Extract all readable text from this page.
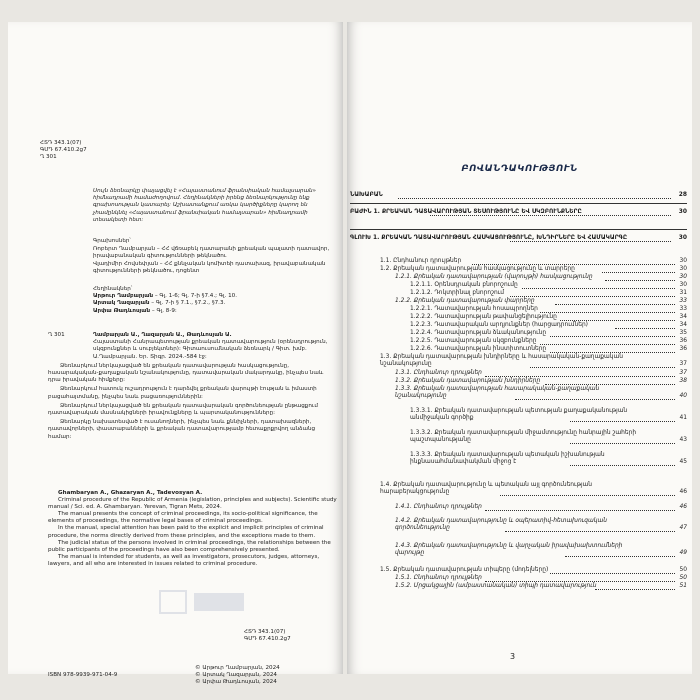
ՀՏԴ 343.1(07)
ԳՄԴ 67.410.2ց7
Ղ 301
Սույն ձեռնարկը փայացվել է «Հայաստանում ֆրանսիական համալսարան» հիմնադրամի համաժողովում. Հեղինակների իրենց ձեռնարկությունը ենք գրախոսության կատարել: Աշխատանքում առկա կարծիքները կարող են չհամընկնել «Հայաստանում ֆրանսիական համալսարան» հիմնադրամի տեսակետի հետ:
Գրախոսներ՝
Ռոբերտ Ղամբարյան – ՀՀ վճռաբեկ դատարանի քրեական պալատի դատավոր, իրավաբանական գիտությունների թեկնածու
Վլադիմիր Հովսեփյան – ՀՀ քննչական կոմիտեի դատախազ, իրավաբանական գիտությունների թեկնածու, դոցենտ
Հեղինակներ՝
Արթուր Ղամբարյան – Գլ. 1-6; Գլ. 7-ի §7.4.; Գլ. 10.
Արտակ Ղազարյան – Գլ. 7-ի § 7.1., §7.2., §7.3.
Արփա Թադևոսյան – Գլ. 8-9:
Ղ 301	Ղամբարյան Ա., Ղազարյան Ա., Թադևոսյան Ա.
Հայաստանի Հանրապետության քրեական դատավարություն (օրենսդրություն, սկզբունքներ և սուբյեկտներ): Գիտաուսումնական ձեռնարկ / Գիտ. խմբ. Ա.Ղամբարյան. Եր. Տիգր. 2024.-584 էջ:
Ձեռնարկում ներկայացված են քրեական դատավարության հասկացությունը, հասարակական-քաղաքական նշանակությունը, դատավարական մակարդակը, ինչպես նաև դրա իրավական հիմքերը:
Ձեռնարկում հատուկ ուշադրություն է դարձվել քրեական վարույթի էության և իմաստի բացահայտմանը, ինչպես նաև բացառություններին:
Ձեռնարկում ներկայացված են քրեական դատավարական գործունեության ընթացքում դատավարական մասնակիցների իրավունքները և պարտականությունները:
Ձեռնարկը նախատեսված է ուսանողների, ինչպես նաև քննիչների, դատախազների, դատավորների, փաստաբանների և քրեական դատավարությամբ հետաքրքրվող անձանց համար:
Ghambaryan A., Ghazaryan A., Tadevosyan A.
Criminal procedure of the Republic of Armenia (legislation, principles and subjects). Scientific study manual / Sci. ed. A. Ghambaryan. Yerevan, Tigran Mets, 2024.
The manual presents the concept of criminal proceedings, its socio-political significance, the elements of proceedings, the normative legal bases of criminal proceedings.
In the manual, special attention has been paid to the explicit and implicit principles of criminal procedure, the norms directly derived from these principles, and the exceptions made to them.
The judicial status of the persons involved in criminal proceedings, the relationships between the public participants of the proceedings have also been comprehensively presented.
The manual is intended for students, as well as investigators, prosecutors, judges, attorneys, lawyers, and all who are interested in issues related to criminal procedure.
ՀՏԴ 343.1(07)
ԳՄԴ 67.410.2ց7
ISBN 978-9939-971-04-9
© Արթուր Ղամբարյան, 2024
© Արտակ Ղազարյան, 2024
© Արփա Թադևոսյան, 2024
ԲՈՎԱՆԴԱԿՈՒԹՅՈՒՆ
ՆԱԽԱԲԱՆ	28
ԲԱԺԻՆ 1. ՔՐԵԱԿԱՆ ԴԱՏԱՎԱՐՈՒԹՅԱՆ ՏԵՍՈՒԹՅՈՒՆԸ ԵՎ ՍԿԶԲՈՒՆՔՆԵՐԸ	30
ԳԼՈՒԽ 1. ՔՐԵԱԿԱՆ ԴԱՏԱՎԱՐՈՒԹՅԱՆ ՀԱՍԿԱՑՈՒԹՅՈՒՆԸ, ԽՆԴԻՐՆԵՐԸ ԵՎ ՀԱՄԱԿԱՐԳԸ	30
1.1. Ընդհանուր դրույթներ	30
1.2. Քրեական դատավարության հասկացությունը և տարրերը	30
1.2.1. Քրեական դատավարության (վարույթի) հասկացությունը	30
1.2.1.1. Օրենսդրական բնորոշումը	30
1.2.1.2. Դոկտրինալ բնորոշում	31
1.2.2. Քրեական դատավարության փարրերը	33
1.2.2.1. Դատավարության հոսապրողներ	33
1.2.2.2. Դատավարության թափանցելիությունը	34
1.2.2.3. Դատավարական արդյունքներ (հարցադրումներ)	34
1.2.2.4. Դատավարության ձևականությունը	35
1.2.2.5. Դատավարության սկզբունքները	36
1.2.2.6. Դատավարության ինստիտուտները	36
1.3. Քրեական դատավարության խնդիրները և հասարակական-քաղաքական նշանակությունը	37
1.3.1. Ընդհանուր դրույթներ	37
1.3.2. Քրեական դատավարության խնդիրները	38
1.3.3. Քրեական դատավարության հասարակական-քաղաքական նշանակությունը	40
1.3.3.1. Քրեական դատավարության պետության քաղաքականության անմիջական գործիք	41
1.3.3.2. Քրեական դատավարության միջամտությունը հանրային շահերի պաշտպանությանը	43
1.3.3.3. Քրեական դատավարության պետական իշխանության ինքնասահմանափակման միջոց է	45
1.4. Քրեական դատավարությունը և պետական այլ գործունեության հարաբերակցությունը	46
1.4.1. Ընդհանուր դրույթներ	46
1.4.2. Քրեական դատավարությունը և օպերատիվ-հետախուզական գործունեությունը	47
1.4.3. Քրեական դատավարությունը և վարչական իրավախախտումների վարույթը	49
1.5. Քրեական դատավարության տիպերը (մոդելները)	50
1.5.1. Ընդհանուր դրույթներ	50
1.5.2. Մրցակցային (ամբաստանական) տիպի դատավարություն	51
3
